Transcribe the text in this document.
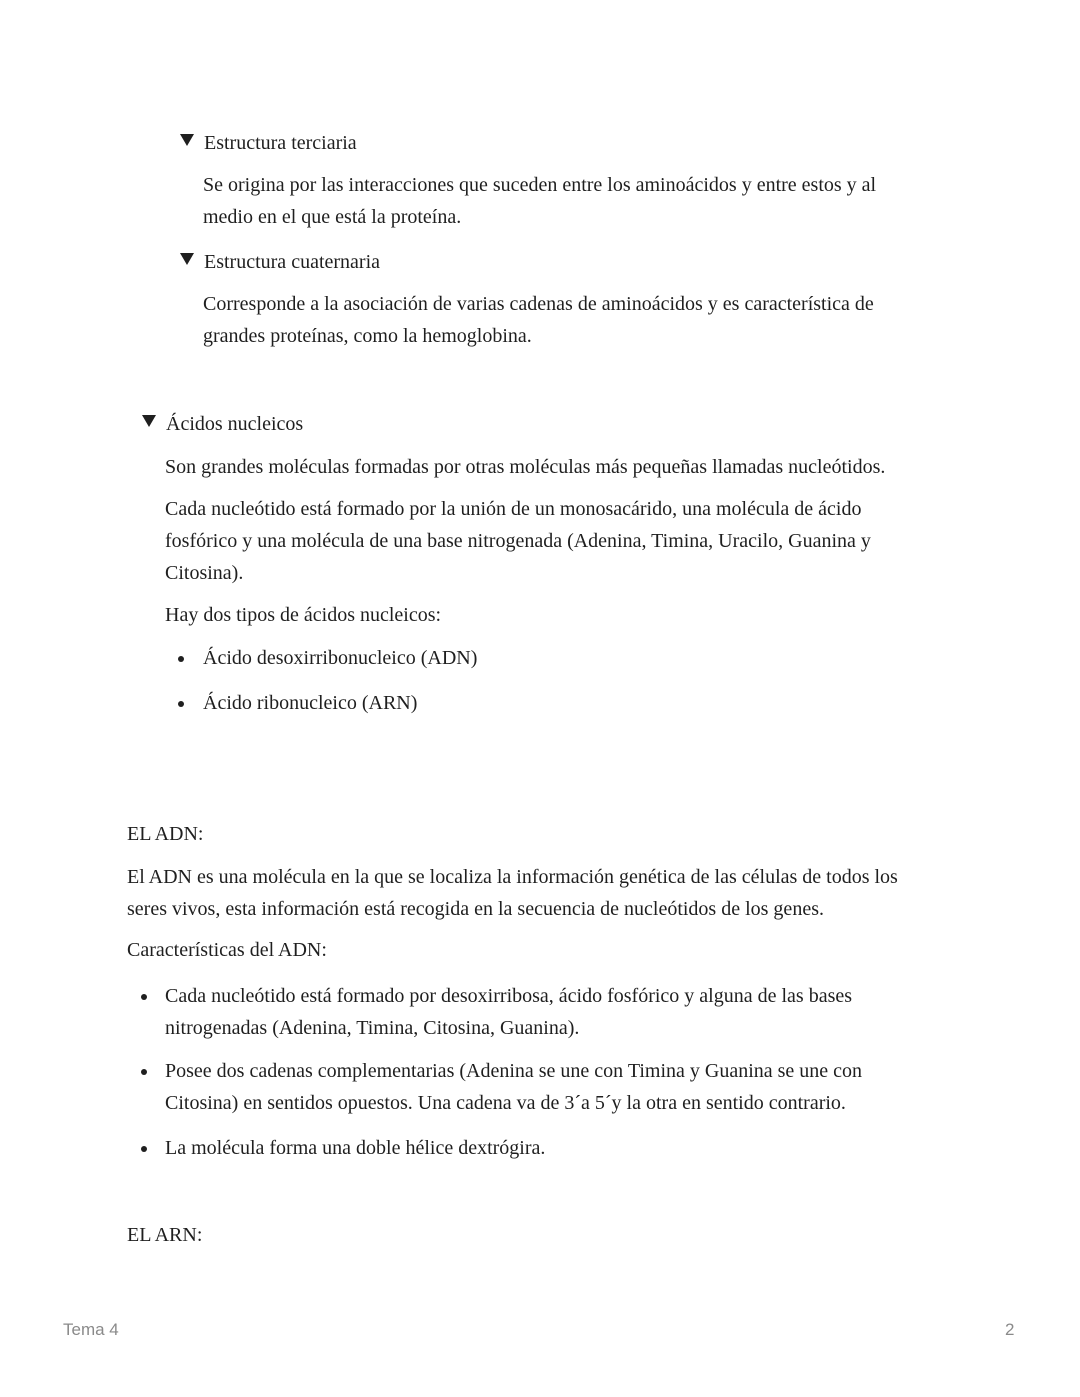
Estructura terciaria

Se origina por las interacciones que suceden entre los aminoácidos y entre estos y al

medio en el que está la proteína.

Estructura cuaternaria

Corresponde a la asociación de varias cadenas de aminoácidos y es característica de

grandes proteínas, como la hemoglobina.

Ácidos nucleicos

Son grandes moléculas formadas por otras moléculas más pequeñas llamadas nucleótidos.

Cada nucleótido está formado por la unión de un monosacárido, una molécula de ácido

fosfórico y una molécula de una base nitrogenada (Adenina, Timina, Uracilo, Guanina y

Citosina).

Hay dos tipos de ácidos nucleicos:

Ácido desoxirribonucleico (ADN)

Ácido ribonucleico (ARN)

EL ADN:

El ADN es una molécula en la que se localiza la información genética de las células de todos los

seres vivos, esta información está recogida en la secuencia de nucleótidos de los genes.

Características del ADN:

Cada nucleótido está formado por desoxirribosa, ácido fosfórico y alguna de las bases

nitrogenadas (Adenina, Timina, Citosina, Guanina).

Posee dos cadenas complementarias (Adenina se une con Timina y Guanina se une con

Citosina) en sentidos opuestos. Una cadena va de 3´a 5´y la otra en sentido contrario.

La molécula forma una doble hélice dextrógira.

EL ARN:

Tema 4	2
